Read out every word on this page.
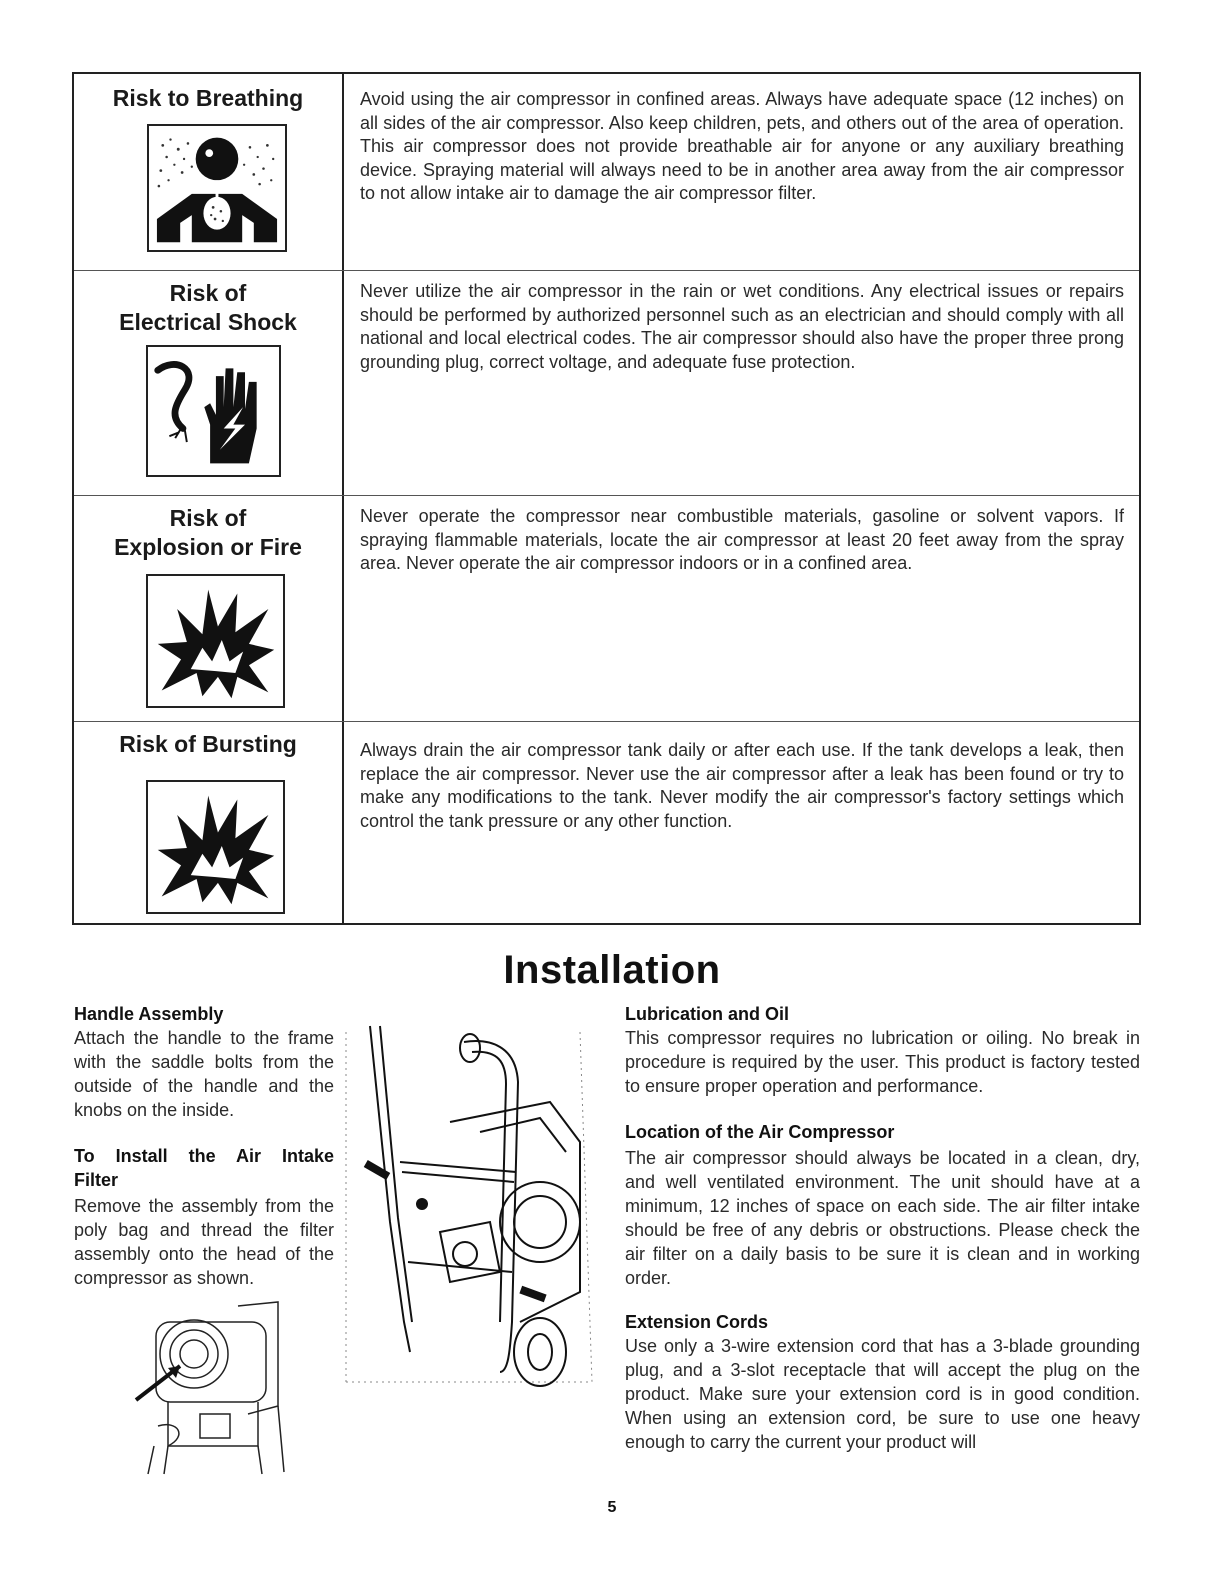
Risk to Breathing	Avoid using the air compressor in confined areas. Always have adequate space (12 inches) on all sides of the air compressor. Also keep children, pets, and others out of the area of operation. This air compressor does not provide breathable air for anyone or any auxiliary breathing device. Spraying material will always need to be in another area away from the air compressor to not allow intake air to damage the air compressor filter.
Risk of
Electrical Shock
Never utilize the air compressor in the rain or wet conditions. Any electrical issues or repairs should be performed by authorized personnel such as an electrician and should comply with all national and local electrical codes. The air compressor should also have the proper three prong grounding plug, correct voltage, and adequate fuse protection.
Risk of
Explosion or Fire
Never operate the compressor near combustible materials, gasoline or solvent vapors. If spraying flammable materials, locate the air compressor at least 20 feet away from the spray area. Never operate the air compressor indoors or in a confined area.
Risk of Bursting	Always drain the air compressor tank daily or after each use. If the tank develops a leak, then replace the air compressor. Never use the air compressor after a leak has been found or try to make any modifications to the tank. Never modify the air compressor's factory settings which control the tank pressure or any other function.
Installation
Handle Assembly
Attach the handle to the frame with the saddle bolts from the outside of the handle and the knobs on the inside.
To Install the Air Intake
Filter
Remove the assembly from the poly bag and thread the filter assembly onto the head of the compressor as shown.
Lubrication and Oil
This compressor requires no lubrication or oiling. No break in procedure is required by the user. This product is factory tested to ensure proper operation and performance.
Location of the Air Compressor
The air compressor should always be located in a clean, dry, and well ventilated environment. The unit should have at a minimum, 12 inches of space on each side. The air filter intake should be free of any debris or obstructions. Please check the air filter on a daily basis to be sure it is clean and in working order.
Extension Cords
Use only a 3-wire extension cord that has a 3-blade grounding plug, and a 3-slot receptacle that will accept the plug on the product. Make sure your extension cord is in good condition. When using an extension cord, be sure to use one heavy enough to carry the current your product will
5
